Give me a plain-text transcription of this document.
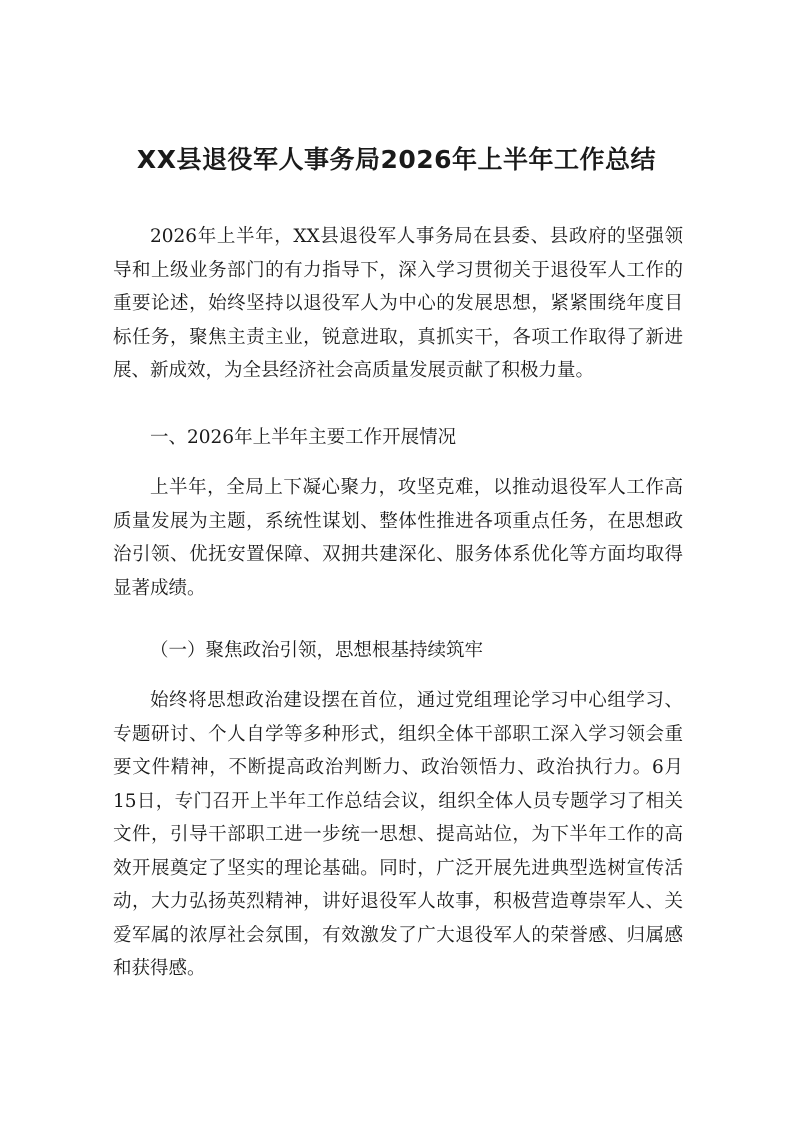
XX县退役军人事务局2026年上半年工作总结

2026年上半年，XX县退役军人事务局在县委、县政府的坚强领导和上级业务部门的有力指导下，深入学习贯彻关于退役军人工作的重要论述，始终坚持以退役军人为中心的发展思想，紧紧围绕年度目标任务，聚焦主责主业，锐意进取，真抓实干，各项工作取得了新进展、新成效，为全县经济社会高质量发展贡献了积极力量。

一、2026年上半年主要工作开展情况

上半年，全局上下凝心聚力，攻坚克难，以推动退役军人工作高质量发展为主题，系统性谋划、整体性推进各项重点任务，在思想政治引领、优抚安置保障、双拥共建深化、服务体系优化等方面均取得显著成绩。

（一）聚焦政治引领，思想根基持续筑牢

始终将思想政治建设摆在首位，通过党组理论学习中心组学习、专题研讨、个人自学等多种形式，组织全体干部职工深入学习领会重要文件精神，不断提高政治判断力、政治领悟力、政治执行力。6月15日，专门召开上半年工作总结会议，组织全体人员专题学习了相关文件，引导干部职工进一步统一思想、提高站位，为下半年工作的高效开展奠定了坚实的理论基础。同时，广泛开展先进典型选树宣传活动，大力弘扬英烈精神，讲好退役军人故事，积极营造尊崇军人、关爱军属的浓厚社会氛围，有效激发了广大退役军人的荣誉感、归属感和获得感。
